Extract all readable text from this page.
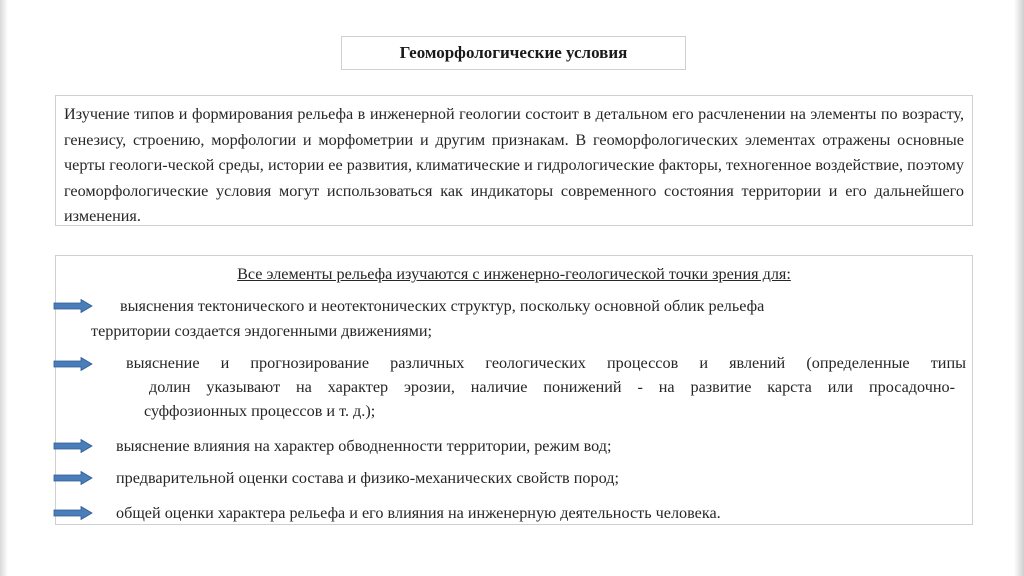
Геоморфологические условия
Изучение типов и формирования рельефа в инженерной геологии состоит в детальном его расчленении на элементы по возрасту, генезису, строению, морфологии и морфометрии и другим признакам. В геоморфологических элементах отражены основные черты геологи-ческой среды, истории ее развития, климатические и гидрологические факторы, техногенное воздействие, поэтому геоморфологические условия могут использоваться как индикаторы современного состояния территории и его дальнейшего изменения.
Все элементы рельефа изучаются с инженерно-геологической точки зрения для:
выяснения тектонического и неотектонических структур, поскольку основной облик рельефа
территории создается эндогенными движениями;
выяснение и прогнозирование различных геологических процессов и явлений (определенные типы
долин указывают на характер эрозии, наличие понижений - на развитие карста или просадочно-
суффозионных процессов и т. д.);
выяснение влияния на характер обводненности территории, режим вод;
предварительной оценки состава и физико-механических свойств пород;
общей оценки характера рельефа и его влияния на инженерную деятельность человека.
